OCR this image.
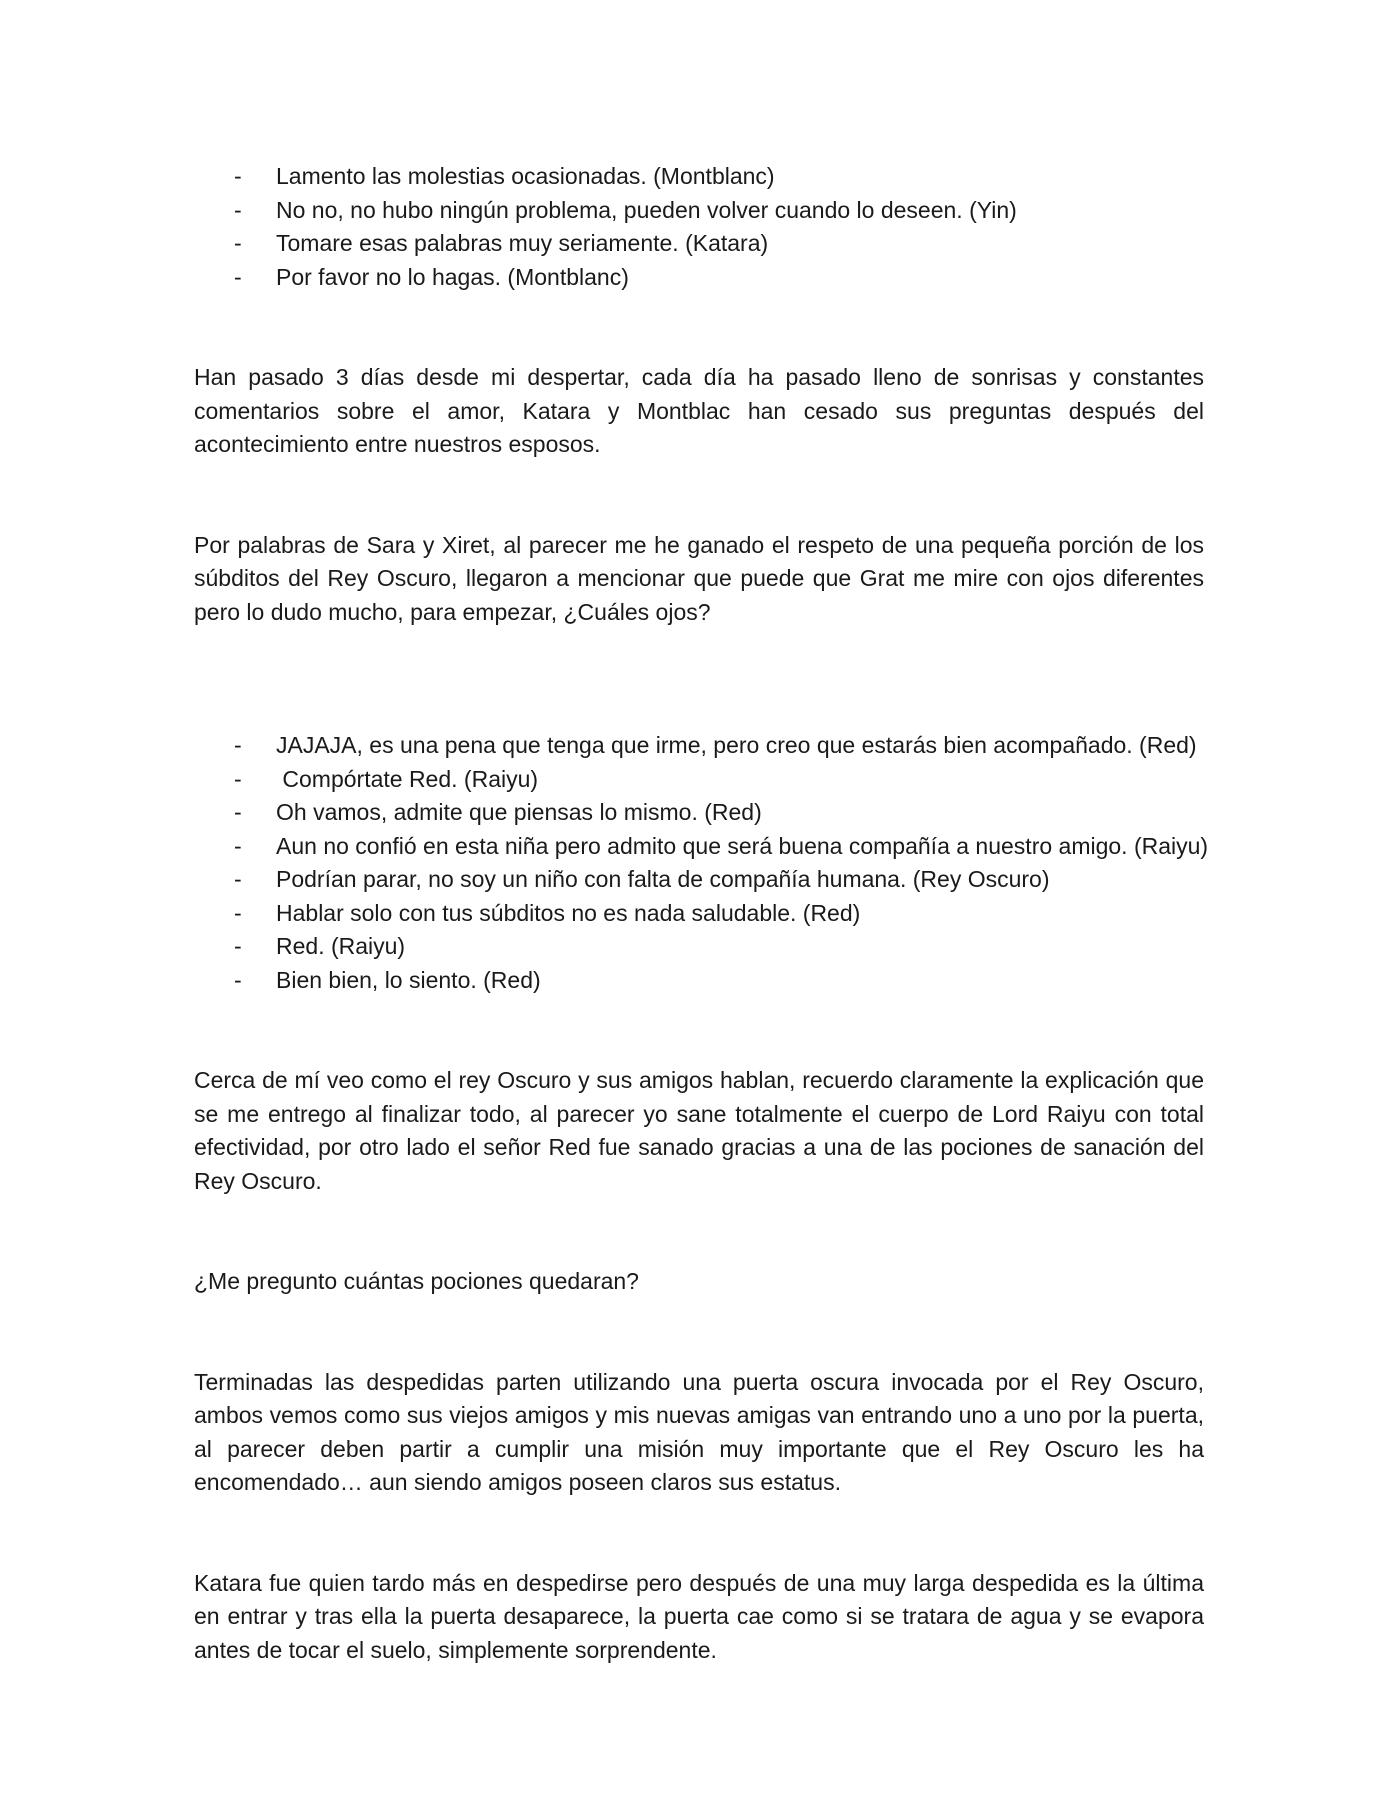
- Lamento las molestias ocasionadas. (Montblanc)
- No no, no hubo ningún problema, pueden volver cuando lo deseen. (Yin)
- Tomare esas palabras muy seriamente. (Katara)
- Por favor no lo hagas. (Montblanc)

Han pasado 3 días desde mi despertar, cada día ha pasado lleno de sonrisas y constantes comentarios sobre el amor, Katara y Montblac han cesado sus preguntas después del acontecimiento entre nuestros esposos.

Por palabras de Sara y Xiret, al parecer me he ganado el respeto de una pequeña porción de los súbditos del Rey Oscuro, llegaron a mencionar que puede que Grat me mire con ojos diferentes pero lo dudo mucho, para empezar, ¿Cuáles ojos?

- JAJAJA, es una pena que tenga que irme, pero creo que estarás bien acompañado. (Red)
- Compórtate Red. (Raiyu)
- Oh vamos, admite que piensas lo mismo. (Red)
- Aun no confió en esta niña pero admito que será buena compañía a nuestro amigo. (Raiyu)
- Podrían parar, no soy un niño con falta de compañía humana. (Rey Oscuro)
- Hablar solo con tus súbditos no es nada saludable. (Red)
- Red. (Raiyu)
- Bien bien, lo siento. (Red)

Cerca de mí veo como el rey Oscuro y sus amigos hablan, recuerdo claramente la explicación que se me entrego al finalizar todo, al parecer yo sane totalmente el cuerpo de Lord Raiyu con total efectividad, por otro lado el señor Red fue sanado gracias a una de las pociones de sanación del Rey Oscuro.

¿Me pregunto cuántas pociones quedaran?

Terminadas las despedidas parten utilizando una puerta oscura invocada por el Rey Oscuro, ambos vemos como sus viejos amigos y mis nuevas amigas van entrando uno a uno por la puerta, al parecer deben partir a cumplir una misión muy importante que el Rey Oscuro les ha encomendado… aun siendo amigos poseen claros sus estatus.

Katara fue quien tardo más en despedirse pero después de una muy larga despedida es la última en entrar y tras ella la puerta desaparece, la puerta cae como si se tratara de agua y se evapora antes de tocar el suelo, simplemente sorprendente.
